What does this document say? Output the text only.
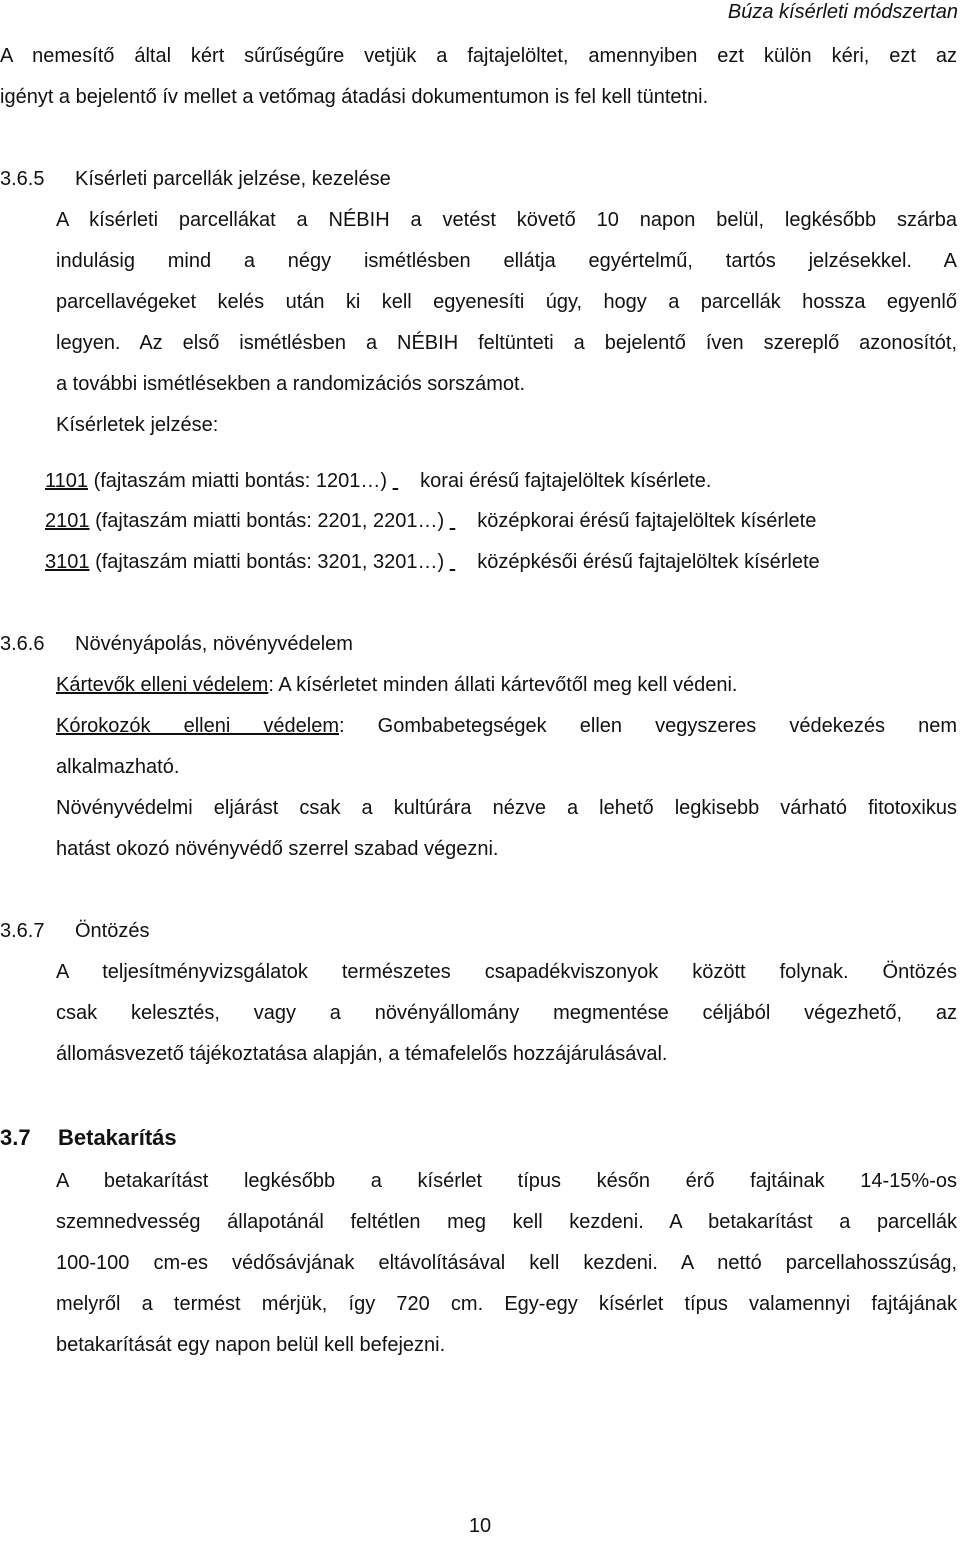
Búza kísérleti módszertan
A nemesítő által kért sűrűségűre vetjük a fajtajelöltet, amennyiben ezt külön kéri, ezt az
igényt a bejelentő ív mellet a vetőmag átadási dokumentumon is fel kell tüntetni.
3.6.5 Kísérleti parcellák jelzése, kezelése
A kísérleti parcellákat a NÉBIH a vetést követő 10 napon belül, legkésőbb szárba
indulásig mind a négy ismétlésben ellátja egyértelmű, tartós jelzésekkel. A
parcellavégeket kelés után ki kell egyenesíti úgy, hogy a parcellák hossza egyenlő
legyen. Az első ismétlésben a NÉBIH feltünteti a bejelentő íven szereplő azonosítót,
a további ismétlésekben a randomizációs sorszámot.
Kísérletek jelzése:
1101 (fajtaszám miatti bontás: 1201…) korai érésű fajtajelöltek kísérlete.
2101 (fajtaszám miatti bontás: 2201, 2201…) középkorai érésű fajtajelöltek kísérlete
3101 (fajtaszám miatti bontás: 3201, 3201…) középkésői érésű fajtajelöltek kísérlete
3.6.6 Növényápolás, növényvédelem
Kártevők elleni védelem: A kísérletet minden állati kártevőtől meg kell védeni.
Kórokozók elleni védelem: Gombabetegségek ellen vegyszeres védekezés nem
alkalmazható.
Növényvédelmi eljárást csak a kultúrára nézve a lehető legkisebb várható fitotoxikus
hatást okozó növényvédő szerrel szabad végezni.
3.6.7 Öntözés
A teljesítményvizsgálatok természetes csapadékviszonyok között folynak. Öntözés
csak kelesztés, vagy a növényállomány megmentése céljából végezhető, az
állomásvezető tájékoztatása alapján, a témafelelős hozzájárulásával.
3.7 Betakarítás
A betakarítást legkésőbb a kísérlet típus későn érő fajtáinak 14-15%-os
szemnedvesség állapotánál feltétlen meg kell kezdeni. A betakarítást a parcellák
100-100 cm-es védősávjának eltávolításával kell kezdeni. A nettó parcellahosszúság,
melyről a termést mérjük, így 720 cm. Egy-egy kísérlet típus valamennyi fajtájának
betakarítását egy napon belül kell befejezni.
10
